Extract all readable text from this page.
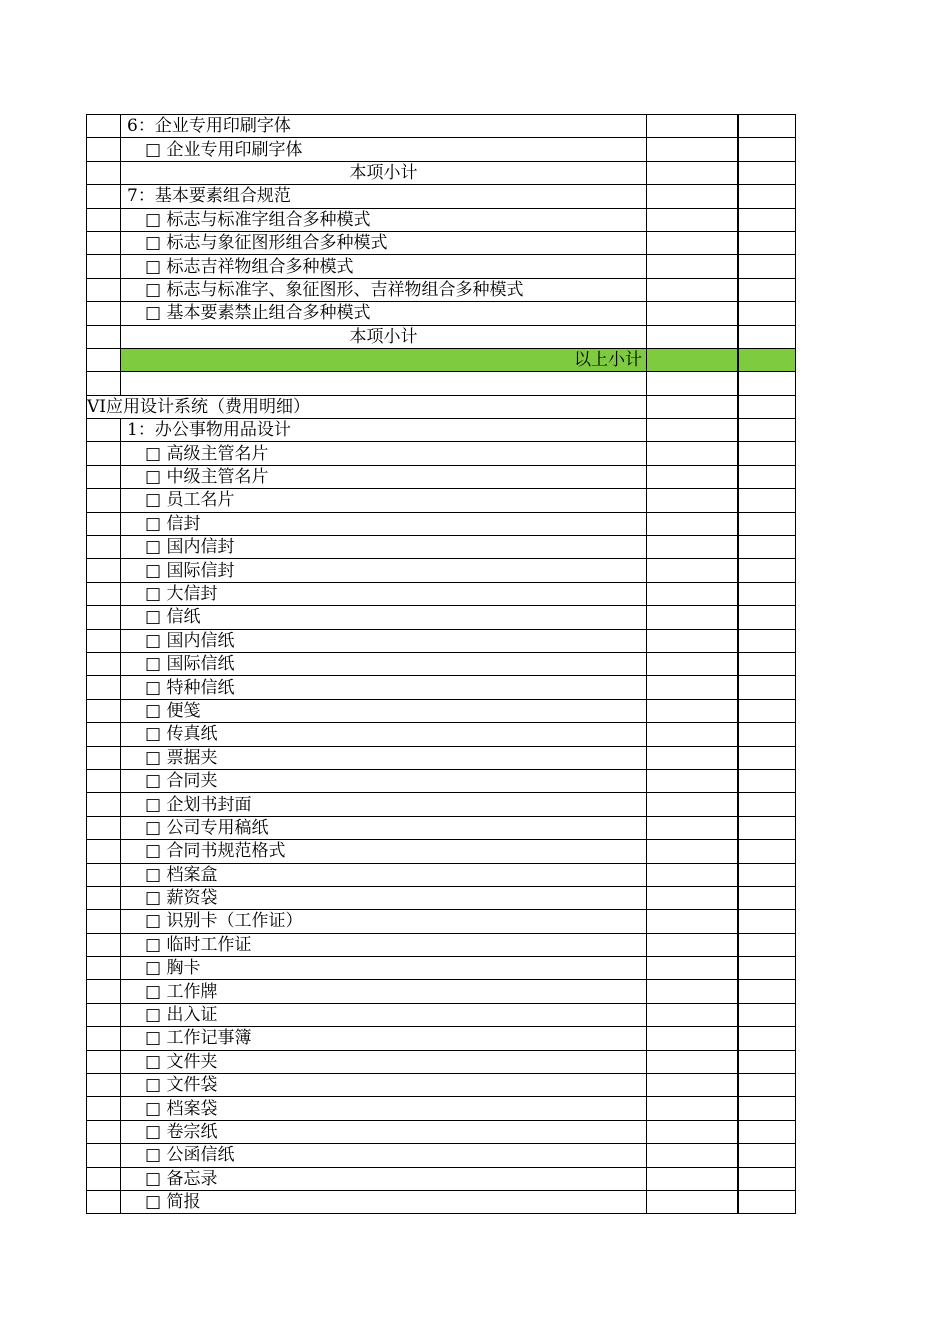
	6：企业专用印刷字体		
	□ 企业专用印刷字体		
	本项小计		
	7：基本要素组合规范		
	□ 标志与标准字组合多种模式		
	□ 标志与象征图形组合多种模式		
	□ 标志吉祥物组合多种模式		
	□ 标志与标准字、象征图形、吉祥物组合多种模式		
	□ 基本要素禁止组合多种模式		
	本项小计		
	以上小计		

VI应用设计系统（费用明细）			
	1：办公事物用品设计		
	□ 高级主管名片		
	□ 中级主管名片		
	□ 员工名片		
	□ 信封		
	□ 国内信封		
	□ 国际信封		
	□ 大信封		
	□ 信纸		
	□ 国内信纸		
	□ 国际信纸		
	□ 特种信纸		
	□ 便笺		
	□ 传真纸		
	□ 票据夹		
	□ 合同夹		
	□ 企划书封面		
	□ 公司专用稿纸		
	□ 合同书规范格式		
	□ 档案盒		
	□ 薪资袋		
	□ 识别卡（工作证）		
	□ 临时工作证		
	□ 胸卡		
	□ 工作牌		
	□ 出入证		
	□ 工作记事簿		
	□ 文件夹		
	□ 文件袋		
	□ 档案袋		
	□ 卷宗纸		
	□ 公函信纸		
	□ 备忘录		
	□ 简报		
